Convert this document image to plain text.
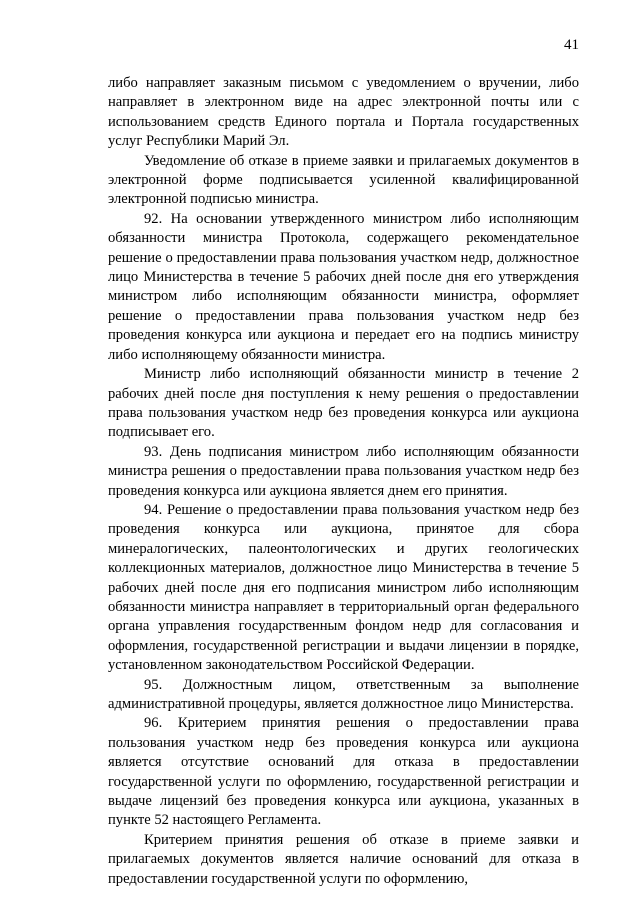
41

либо направляет заказным письмом с уведомлением о вручении, либо направляет в электронном виде на адрес электронной почты или с использованием средств Единого портала и Портала государственных услуг Республики Марий Эл.

Уведомление об отказе в приеме заявки и прилагаемых документов в электронной форме подписывается усиленной квалифицированной электронной подписью министра.

92. На основании утвержденного министром либо исполняющим обязанности министра Протокола, содержащего рекомендательное решение о предоставлении права пользования участком недр, должностное лицо Министерства в течение 5 рабочих дней после дня его утверждения министром либо исполняющим обязанности министра, оформляет решение о предоставлении права пользования участком недр без проведения конкурса или аукциона и передает его на подпись министру либо исполняющему обязанности министра.

Министр либо исполняющий обязанности министр в течение 2 рабочих дней после дня поступления к нему решения о предоставлении права пользования участком недр без проведения конкурса или аукциона подписывает его.

93. День подписания министром либо исполняющим обязанности министра решения о предоставлении права пользования участком недр без проведения конкурса или аукциона является днем его принятия.

94. Решение о предоставлении права пользования участком недр без проведения конкурса или аукциона, принятое для сбора минералогических, палеонтологических и других геологических коллекционных материалов, должностное лицо Министерства в течение 5 рабочих дней после дня его подписания министром либо исполняющим обязанности министра направляет в территориальный орган федерального органа управления государственным фондом недр для согласования и оформления, государственной регистрации и выдачи лицензии в порядке, установленном законодательством Российской Федерации.

95. Должностным лицом, ответственным за выполнение административной процедуры, является должностное лицо Министерства.

96. Критерием принятия решения о предоставлении права пользования участком недр без проведения конкурса или аукциона является отсутствие оснований для отказа в предоставлении государственной услуги по оформлению, государственной регистрации и выдаче лицензий без проведения конкурса или аукциона, указанных в пункте 52 настоящего Регламента.

Критерием принятия решения об отказе в приеме заявки и прилагаемых документов является наличие оснований для отказа в предоставлении государственной услуги по оформлению,
